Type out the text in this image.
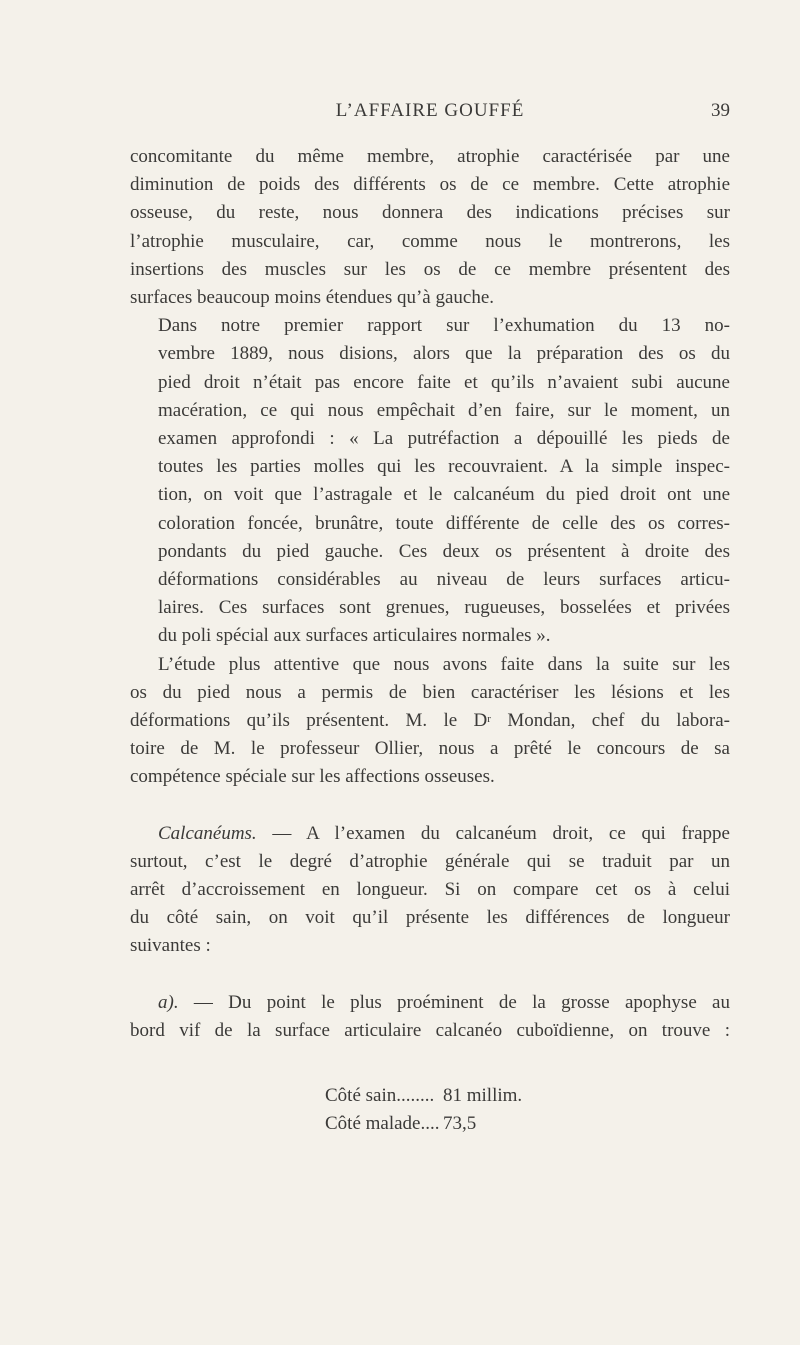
L’AFFAIRE GOUFFÉ	39
concomitante du même membre, atrophie caractérisée par une
diminution de poids des différents os de ce membre. Cette atrophie
osseuse, du reste, nous donnera des indications précises sur
l’atrophie musculaire, car, comme nous le montrerons, les
insertions des muscles sur les os de ce membre présentent des
surfaces beaucoup moins étendues qu’à gauche.
Dans notre premier rapport sur l’exhumation du 13 no-
vembre 1889, nous disions, alors que la préparation des os du
pied droit n’était pas encore faite et qu’ils n’avaient subi aucune
macération, ce qui nous empêchait d’en faire, sur le moment, un
examen approfondi : « La putréfaction a dépouillé les pieds de
toutes les parties molles qui les recouvraient. A la simple inspec-
tion, on voit que l’astragale et le calcanéum du pied droit ont une
coloration foncée, brunâtre, toute différente de celle des os corres-
pondants du pied gauche. Ces deux os présentent à droite des
déformations considérables au niveau de leurs surfaces articu-
laires. Ces surfaces sont grenues, rugueuses, bosselées et privées
du poli spécial aux surfaces articulaires normales ».
L’étude plus attentive que nous avons faite dans la suite sur les
os du pied nous a permis de bien caractériser les lésions et les
déformations qu’ils présentent. M. le $D^r$ Mondan, chef du labora-
toire de M. le professeur Ollier, nous a prêté le concours de sa
compétence spéciale sur les affections osseuses.
Calcanéums. — A l’examen du calcanéum droit, ce qui frappe
surtout, c’est le degré d’atrophie générale qui se traduit par un
arrêt d’accroissement en longueur. Si on compare cet os à celui
du côté sain, on voit qu’il présente les différences de longueur
suivantes :
a). — Du point le plus proéminent de la grosse apophyse au
bord vif de la surface articulaire calcanéo cuboïdienne, on trouve :
Côté sain........ 81 millim.
Côté malade.... 73,5
